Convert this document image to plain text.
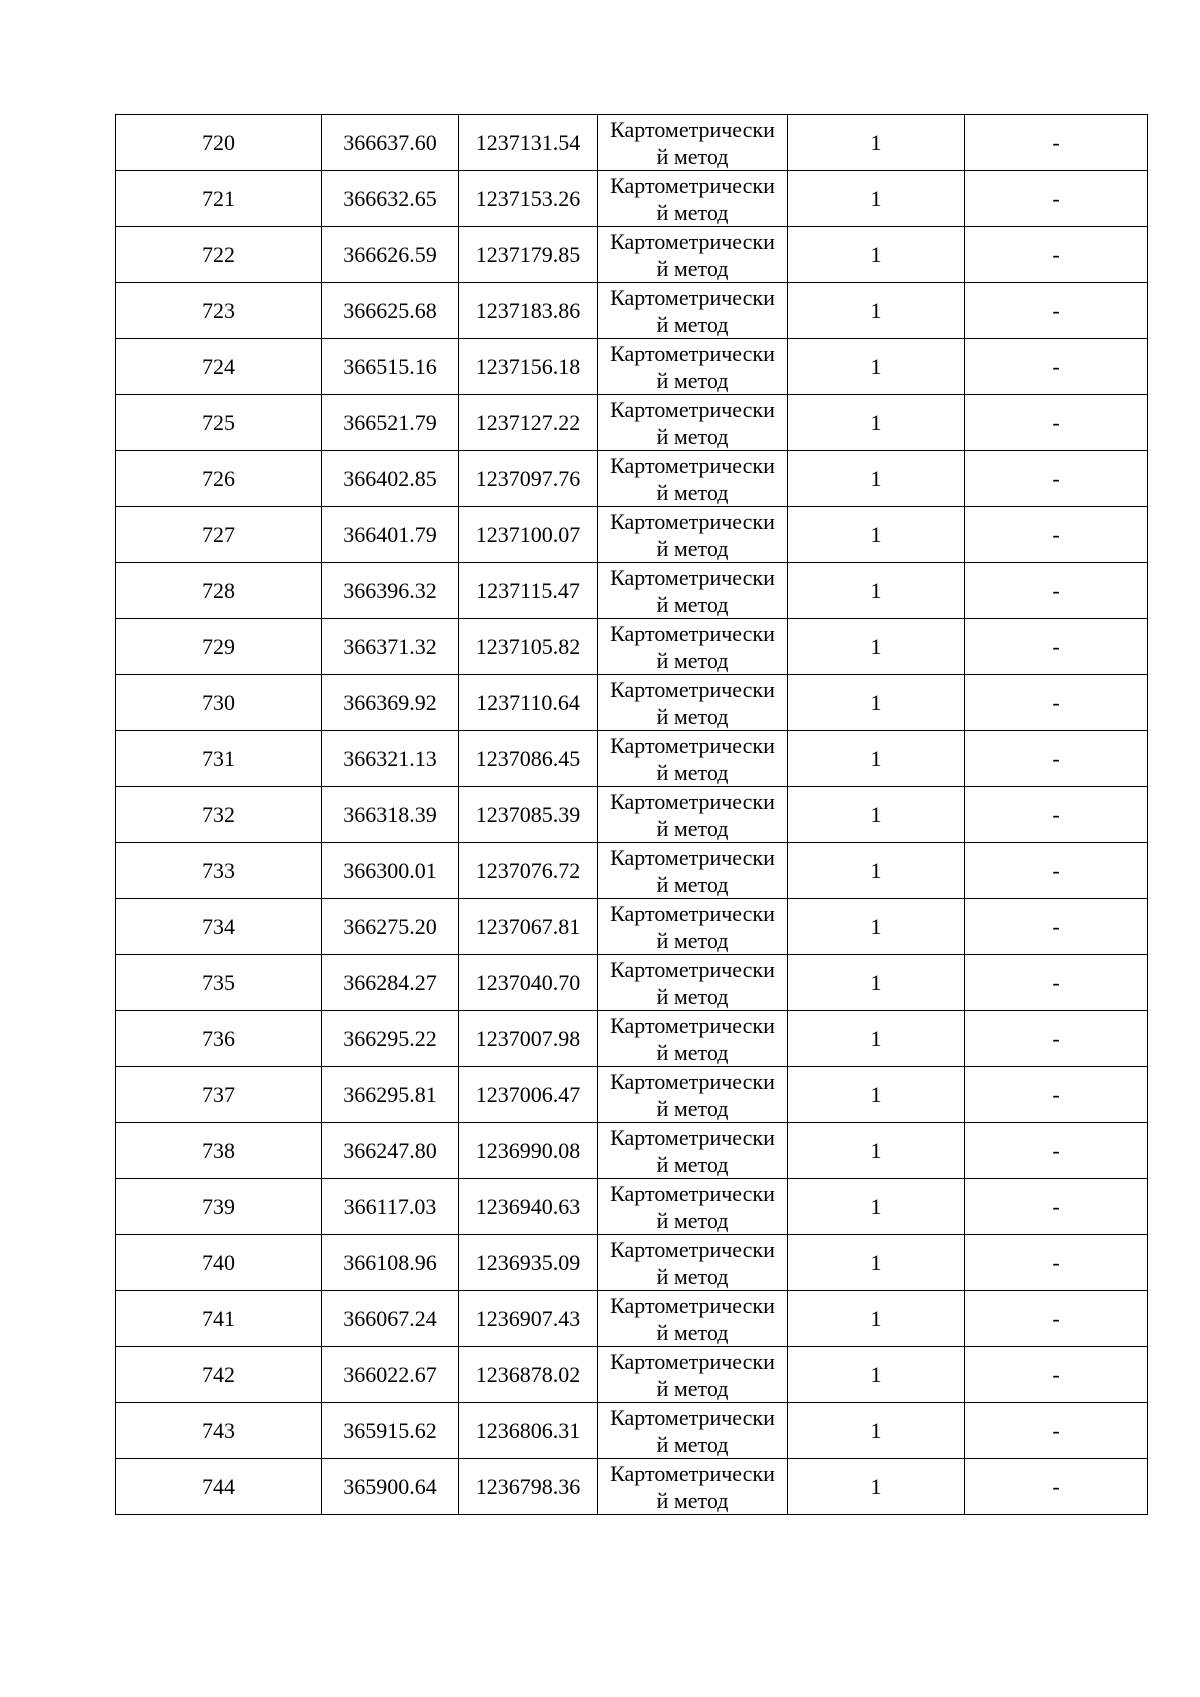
720	366637.60	1237131.54	Картометрически
й метод	1	-
721	366632.65	1237153.26	Картометрически
й метод	1	-
722	366626.59	1237179.85	Картометрически
й метод	1	-
723	366625.68	1237183.86	Картометрически
й метод	1	-
724	366515.16	1237156.18	Картометрически
й метод	1	-
725	366521.79	1237127.22	Картометрически
й метод	1	-
726	366402.85	1237097.76	Картометрически
й метод	1	-
727	366401.79	1237100.07	Картометрически
й метод	1	-
728	366396.32	1237115.47	Картометрически
й метод	1	-
729	366371.32	1237105.82	Картометрически
й метод	1	-
730	366369.92	1237110.64	Картометрически
й метод	1	-
731	366321.13	1237086.45	Картометрически
й метод	1	-
732	366318.39	1237085.39	Картометрически
й метод	1	-
733	366300.01	1237076.72	Картометрически
й метод	1	-
734	366275.20	1237067.81	Картометрически
й метод	1	-
735	366284.27	1237040.70	Картометрически
й метод	1	-
736	366295.22	1237007.98	Картометрически
й метод	1	-
737	366295.81	1237006.47	Картометрически
й метод	1	-
738	366247.80	1236990.08	Картометрически
й метод	1	-
739	366117.03	1236940.63	Картометрически
й метод	1	-
740	366108.96	1236935.09	Картометрически
й метод	1	-
741	366067.24	1236907.43	Картометрически
й метод	1	-
742	366022.67	1236878.02	Картометрически
й метод	1	-
743	365915.62	1236806.31	Картометрически
й метод	1	-
744	365900.64	1236798.36	Картометрически
й метод	1	-
